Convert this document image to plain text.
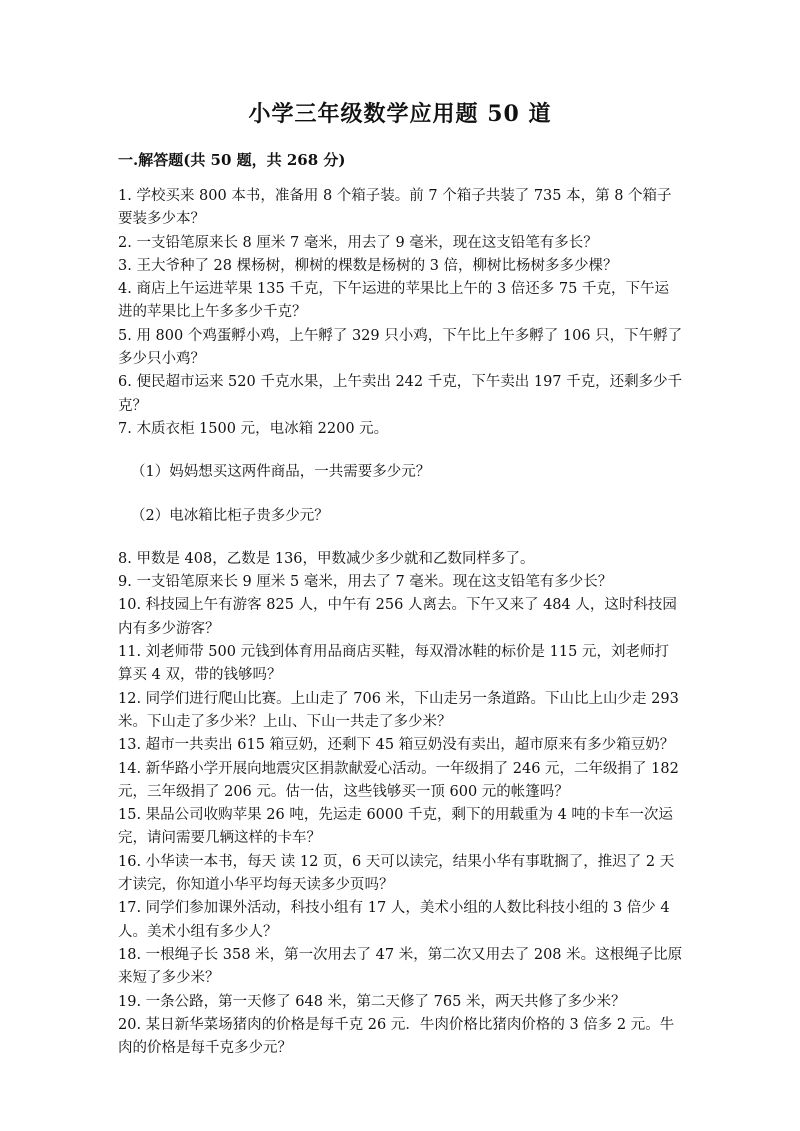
小学三年级数学应用题 50 道
一.解答题(共 50 题，共 268 分)

1. 学校买来 800 本书，准备用 8 个箱子装。前 7 个箱子共装了 735 本，第 8 个箱子要装多少本？

2. 一支铅笔原来长 8 厘米 7 毫米，用去了 9 毫米，现在这支铅笔有多长？

3. 王大爷种了 28 棵杨树，柳树的棵数是杨树的 3 倍，柳树比杨树多多少棵？

4. 商店上午运进苹果 135 千克，下午运进的苹果比上午的 3 倍还多 75 千克，下午运进的苹果比上午多多少千克？

5. 用 800 个鸡蛋孵小鸡，上午孵了 329 只小鸡，下午比上午多孵了 106 只，下午孵了多少只小鸡？

6. 便民超市运来 520 千克水果，上午卖出 242 千克，下午卖出 197 千克，还剩多少千克？

7. 木质衣柜 1500 元，电冰箱 2200 元。

（1）妈妈想买这两件商品，一共需要多少元？

（2）电冰箱比柜子贵多少元？

8. 甲数是 408，乙数是 136，甲数减少多少就和乙数同样多了。

9. 一支铅笔原来长 9 厘米 5 毫米，用去了 7 毫米。现在这支铅笔有多少长？

10. 科技园上午有游客 825 人，中午有 256 人离去。下午又来了 484 人，这时科技园内有多少游客？

11. 刘老师带 500 元钱到体育用品商店买鞋，每双滑冰鞋的标价是 115 元，刘老师打算买 4 双，带的钱够吗？

12. 同学们进行爬山比赛。上山走了 706 米，下山走另一条道路。下山比上山少走 293 米。下山走了多少米？上山、下山一共走了多少米？

13. 超市一共卖出 615 箱豆奶，还剩下 45 箱豆奶没有卖出，超市原来有多少箱豆奶？

14. 新华路小学开展向地震灾区捐款献爱心活动。一年级捐了 246 元，二年级捐了 182 元，三年级捐了 206 元。估一估，这些钱够买一顶 600 元的帐篷吗？

15. 果品公司收购苹果 26 吨，先运走 6000 千克，剩下的用载重为 4 吨的卡车一次运完，请问需要几辆这样的卡车？

16. 小华读一本书，每天 读 12 页，6 天可以读完，结果小华有事耽搁了，推迟了 2 天才读完，你知道小华平均每天读多少页吗？

17. 同学们参加课外活动，科技小组有 17 人，美术小组的人数比科技小组的 3 倍少 4 人。美术小组有多少人？

18. 一根绳子长 358 米，第一次用去了 47 米，第二次又用去了 208 米。这根绳子比原来短了多少米？

19. 一条公路，第一天修了 648 米，第二天修了 765 米，两天共修了多少米？

20. 某日新华菜场猪肉的价格是每千克 26 元．牛肉价格比猪肉价格的 3 倍多 2 元。牛肉的价格是每千克多少元？
